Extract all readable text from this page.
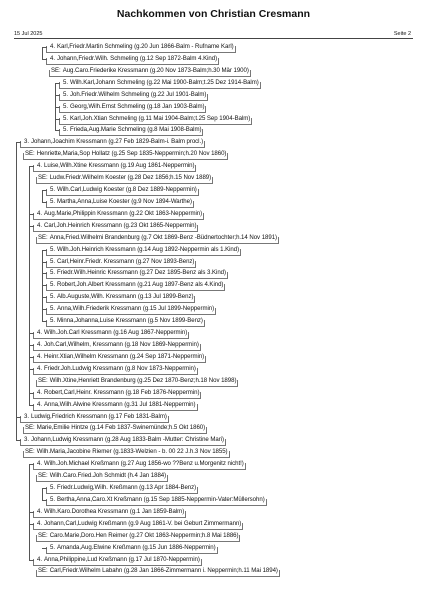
Nachkommen von Christian Cresmann
15 Jul 2025	Seite 2
4. Karl,Friedr.Martin Schmeling (g.20 Jun 1866-Balm - Rufname Karl)
4. Johann,Friedr.Wilh. Schmeling (g.12 Sep 1872-Balm 4.Kind)
SE: Aug.Caro.Friederike Kressmann (g.20 Nov 1873-Balm;h.30 Mär 1900)
5. Wilh.Karl,Johann Schmeling (g.22 Mai 1900-Balm;t.25 Dez 1914-Balm)
5. Joh.Friedr.Wilhelm Schmeling (g.22 Jul 1901-Balm)
5. Georg,Wilh.Ernst Schmeling (g.18 Jan 1903-Balm)
5. Karl,Joh.Xtian Schmeling (g.11 Mai 1904-Balm;t.25 Sep 1904-Balm)
5. Frieda,Aug.Marie Schmeling (g.8 Mai 1908-Balm)
3. Johann,Joachim Kressmann (g.27 Feb 1829-Balm-i. Balm procl.)
SE: Henriette,Maria,Sop Hollatz (g.25 Sep 1835-Neppermin;h.20 Nov 1860)
4. Luise,Wilh.Xtine Kressmann (g.19 Aug 1861-Neppermin)
SE: Ludw.Friedr.Wilhelm Koester (g.28 Dez 1856;h.15 Nov 1889)
5. Wilh.Carl,Ludwig Koester (g.8 Dez 1889-Neppermin)
5. Martha,Anna,Luise Koester (g.9 Nov 1894-Warthe)
4. Aug.Marie,Philippin Kressmann (g.22 Okt 1863-Neppermin)
4. Carl,Joh.Heinrich Kressmann (g.23 Okt 1865-Neppermin)
SE: Anna,Fried.Wilhelmi Brandenburg (g.7 Okt 1869-Benz -Büdnertochter;h.14 Nov 1891)
5. Wilh.Joh.Heinrich Kressmann (g.14 Aug 1892-Neppermin als 1.Kind)
5. Carl,Heinr.Friedr. Kressmann (g.27 Nov 1893-Benz)
5. Friedr.Wilh.Heinric Kressmann (g.27 Dez 1895-Benz als 3.Kind)
5. Robert,Joh.Albert Kressmann (g.21 Aug 1897-Benz als 4.Kind)
5. Alb.Auguste,Wilh. Kressmann (g.13 Jul 1899-Benz)
5. Anna,Wilh.Friederik Kressmann (g.15 Jul 1899-Neppermin)
5. Minna,Johanna,Luise Kressmann (g.5 Nov 1899-Benz)
4. Wilh.Joh.Carl Kressmann (g.16 Aug 1867-Neppermin)
4. Joh.Carl,Wilhelm, Kressmann (g.18 Nov 1869-Neppermin)
4. Heinr.Xtian,Wilhelm Kressmann (g.24 Sep 1871-Neppermin)
4. Friedr.Joh.Ludwig Kressmann (g.8 Nov 1873-Neppermin)
SE: Wilh.Xtine,Henriett Brandenburg (g.25 Dez 1870-Benz;h.18 Nov 1898)
4. Robert,Carl,Heinr. Kressmann (g.18 Feb 1876-Neppermin)
4. Anna,Wilh.Alwine Kressmann (g.31 Jul 1881-Neppermin)
3. Ludwig,Friedrich Kressmann (g.17 Feb 1831-Balm)
SE: Marie,Emilie Hintze (g.14 Feb 1837-Swinemünde;h.5 Okt 1860)
3. Johann,Ludwig Kressmann (g.28 Aug 1833-Balm -Mutter: Christine Mari)
SE: Wilh.Maria,Jacobine Riemer (g.1833-Welzien - b. 00 22 J.h.3 Nov 1855)
4. Wilh.Joh.Michael Kreßmann (g.27 Aug 1856-wo ??Benz u.Morgenitz nicht!)
SE: Wilh.Caro.Fried.Joh Schmidt (h.4 Jan 1884)
5. Friedr.Ludwig,Wilh. Kreßmann (g.13 Apr 1884-Benz)
5. Bertha,Anna,Caro.Xt Kreßmann (g.15 Sep 1885-Neppermin-Vater:Müllersohn)
4. Wilh.Karo.Dorothea Kressmann (g.1 Jan 1859-Balm)
4. Johann,Carl,Ludwig Kreßmann (g.9 Aug 1861-V. bei Geburt Zimmermann)
SE: Caro.Marie,Doro.Hen Reimer (g.27 Okt 1863-Neppermin;h.8 Mai 1886)
5. Amanda,Aug.Elwine Kreßmann (g.15 Jun 1886-Neppermin)
4. Anna,Philippine,Lud Kreßmann (g.17 Jul 1870-Neppermin)
SE: Carl,Friedr.Wilhelm Labahn (g.28 Jan 1866-Zimmermann i. Neppermin;h.11 Mai 1894)
